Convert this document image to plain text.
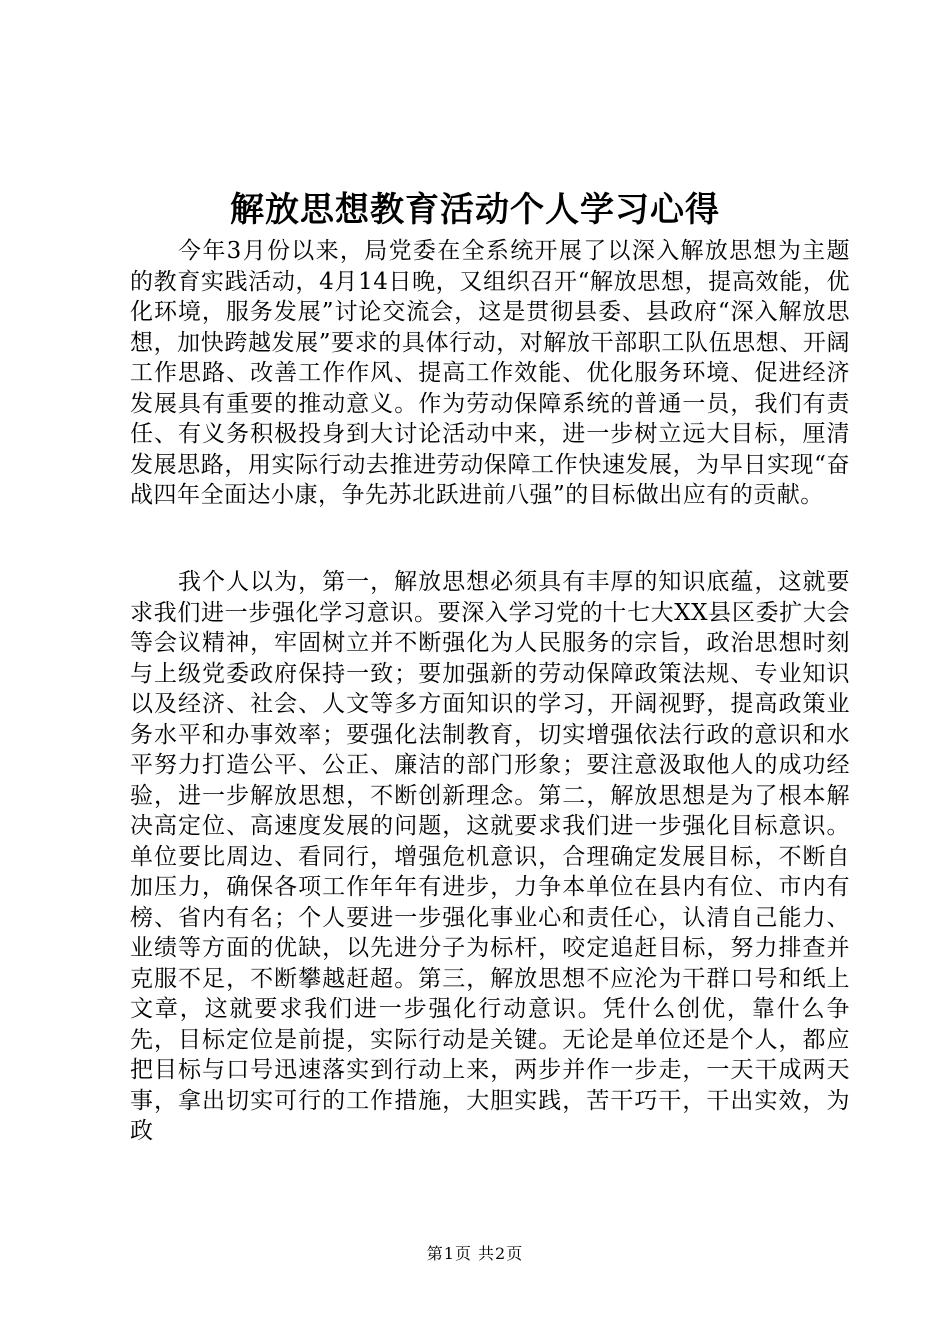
解放思想教育活动个人学习心得

今年3月份以来，局党委在全系统开展了以深入解放思想为主题的教育实践活动，4月14日晚，又组织召开“解放思想，提高效能，优化环境，服务发展”讨论交流会，这是贯彻县委、县政府“深入解放思想，加快跨越发展”要求的具体行动，对解放干部职工队伍思想、开阔工作思路、改善工作作风、提高工作效能、优化服务环境、促进经济发展具有重要的推动意义。作为劳动保障系统的普通一员，我们有责任、有义务积极投身到大讨论活动中来，进一步树立远大目标，厘清发展思路，用实际行动去推进劳动保障工作快速发展，为早日实现“奋战四年全面达小康，争先苏北跃进前八强”的目标做出应有的贡献。

我个人以为，第一，解放思想必须具有丰厚的知识底蕴，这就要求我们进一步强化学习意识。要深入学习党的十七大XX县区委扩大会等会议精神，牢固树立并不断强化为人民服务的宗旨，政治思想时刻与上级党委政府保持一致；要加强新的劳动保障政策法规、专业知识以及经济、社会、人文等多方面知识的学习，开阔视野，提高政策业务水平和办事效率；要强化法制教育，切实增强依法行政的意识和水平努力打造公平、公正、廉洁的部门形象；要注意汲取他人的成功经验，进一步解放思想，不断创新理念。第二，解放思想是为了根本解决高定位、高速度发展的问题，这就要求我们进一步强化目标意识。单位要比周边、看同行，增强危机意识，合理确定发展目标，不断自加压力，确保各项工作年年有进步，力争本单位在县内有位、市内有榜、省内有名；个人要进一步强化事业心和责任心，认清自己能力、业绩等方面的优缺，以先进分子为标杆，咬定追赶目标，努力排查并克服不足，不断攀越赶超。第三，解放思想不应沦为干群口号和纸上文章，这就要求我们进一步强化行动意识。凭什么创优，靠什么争先，目标定位是前提，实际行动是关键。无论是单位还是个人，都应把目标与口号迅速落实到行动上来，两步并作一步走，一天干成两天事，拿出切实可行的工作措施，大胆实践，苦干巧干，干出实效，为政

第1页 共2页
